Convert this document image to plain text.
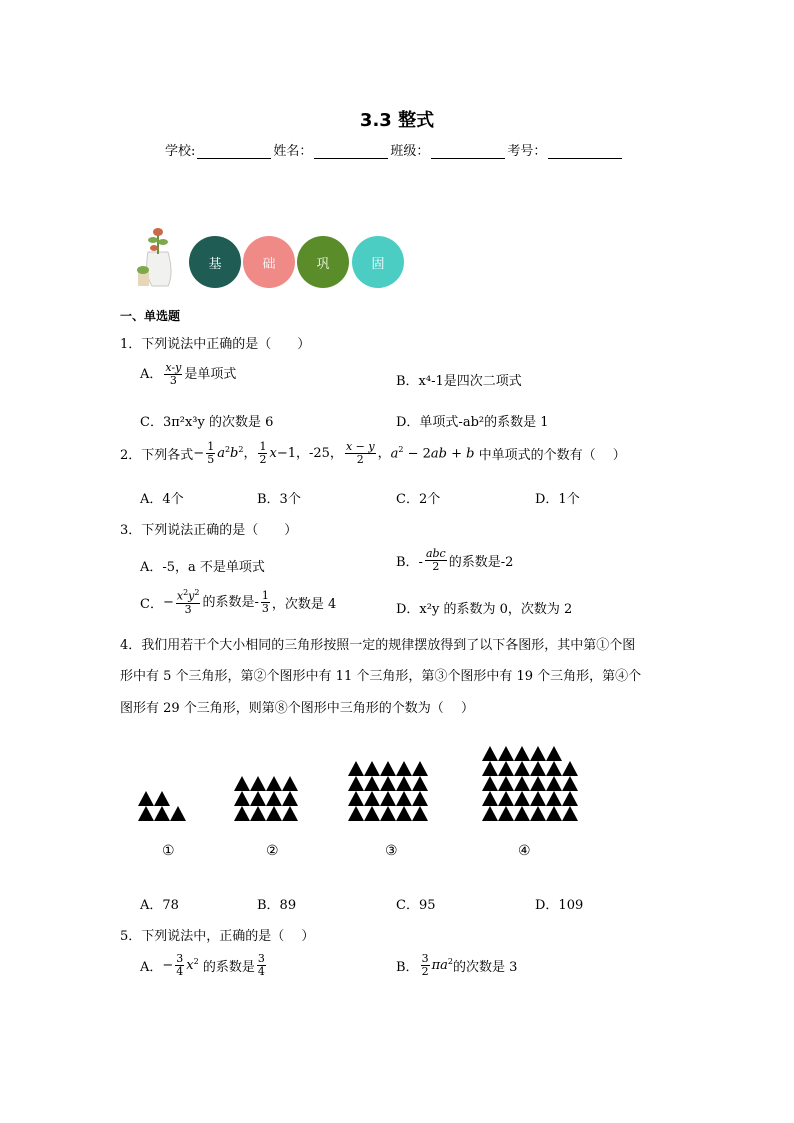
3.3 整式
学校:	姓名：	班级：	考号：
基	础	巩	固
一、单选题
1．下列说法中正确的是（　　）
A． $\frac{x-y}{3}$ 是单项式	B．x⁴-1是四次二项式
C．3π²x³y 的次数是 6	D．单项式-ab²的系数是 1
2．下列各式 − $\frac{1}{5} a^2b^2$， $\frac{1}{2} x-1$，-25， $\frac{x - y}{2}$ ， $a^2 - 2ab + b$ 中单项式的个数有（　 ）
A．4个	B．3个	C．2个	D．1个
3．下列说法正确的是（　　）
A．-5，a 不是单项式	B．- $\frac{\text{abc}}{2}$ 的系数是-2
C． − $\frac{x^2y^2}{3}$ 的系数是- $\frac{1}{3}$ ，次数是 4	D．x²y 的系数为 0，次数为 2
4．我们用若干个大小相同的三角形按照一定的规律摆放得到了以下各图形，其中第①个图
形中有 5 个三角形，第②个图形中有 11 个三角形，第③个图形中有 19 个三角形，第④个
图形有 29 个三角形，则第⑧个图形中三角形的个数为（　 ）
①	②	③	④
A．78	B．89	C．95	D．109
5．下列说法中，正确的是（　 ）
A． − $\frac{3}{4} x^2$ 的系数是 $\frac{3}{4}$	B． $\frac{3}{2} \pi a^2$ 的次数是 3
